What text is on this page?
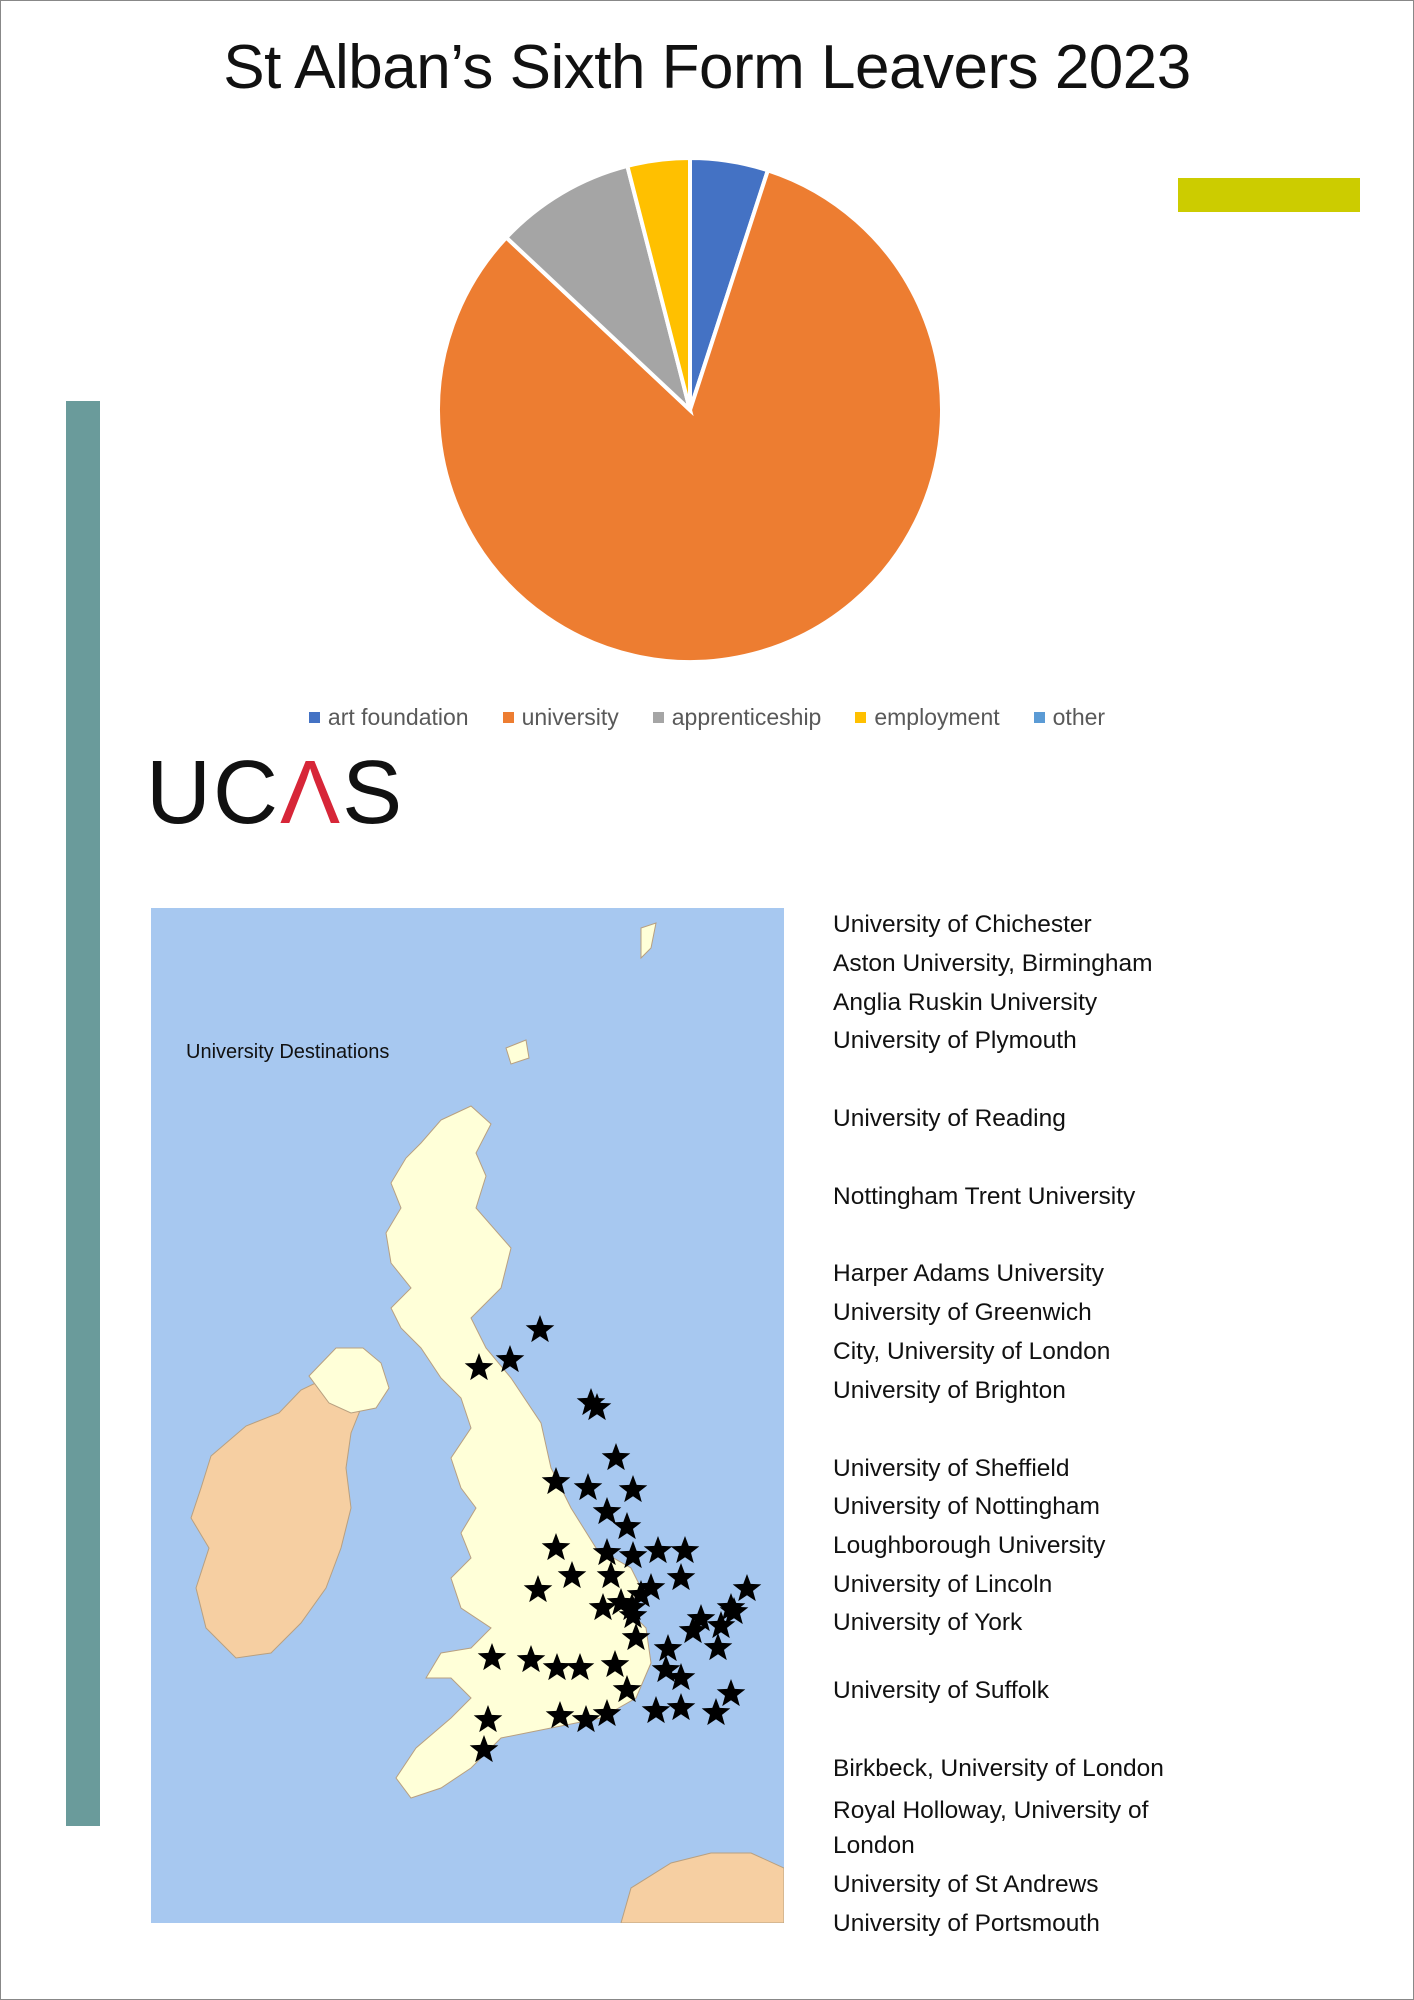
St Alban’s Sixth Form Leavers 2023
art foundation university apprenticeship employment other
UCΛS
University Destinations
University of Chichester
Aston University, Birmingham
Anglia Ruskin University
University of Plymouth
University of Reading
Nottingham Trent University
Harper Adams University
University of Greenwich
City, University of London
University of Brighton
University of Sheffield
University of Nottingham
Loughborough University
University of Lincoln
University of York
University of Suffolk
Birkbeck, University of London
Royal Holloway, University of
London
University of St Andrews
University of Portsmouth
